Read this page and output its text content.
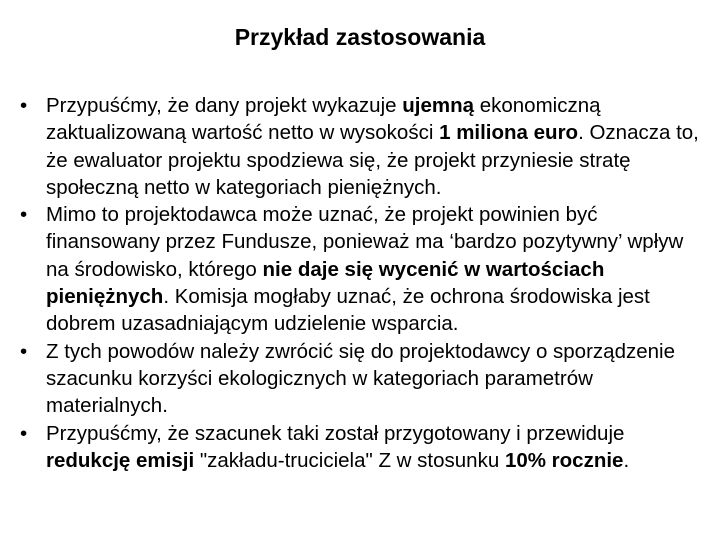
Przykład zastosowania
• Przypuśćmy, że dany projekt wykazuje ujemną ekonomiczną zaktualizowaną wartość netto w wysokości 1 miliona euro. Oznacza to, że ewaluator projektu spodziewa się, że projekt przyniesie stratę społeczną netto w kategoriach pieniężnych.
• Mimo to projektodawca może uznać, że projekt powinien być finansowany przez Fundusze, ponieważ ma ‘bardzo pozytywny’ wpływ na środowisko, którego nie daje się wycenić w wartościach pieniężnych. Komisja mogłaby uznać, że ochrona środowiska jest dobrem uzasadniającym udzielenie wsparcia.
• Z tych powodów należy zwrócić się do projektodawcy o sporządzenie szacunku korzyści ekologicznych w kategoriach parametrów materialnych.
• Przypuśćmy, że szacunek taki został przygotowany i przewiduje redukcję emisji "zakładu-truciciela" Z w stosunku 10% rocznie.
